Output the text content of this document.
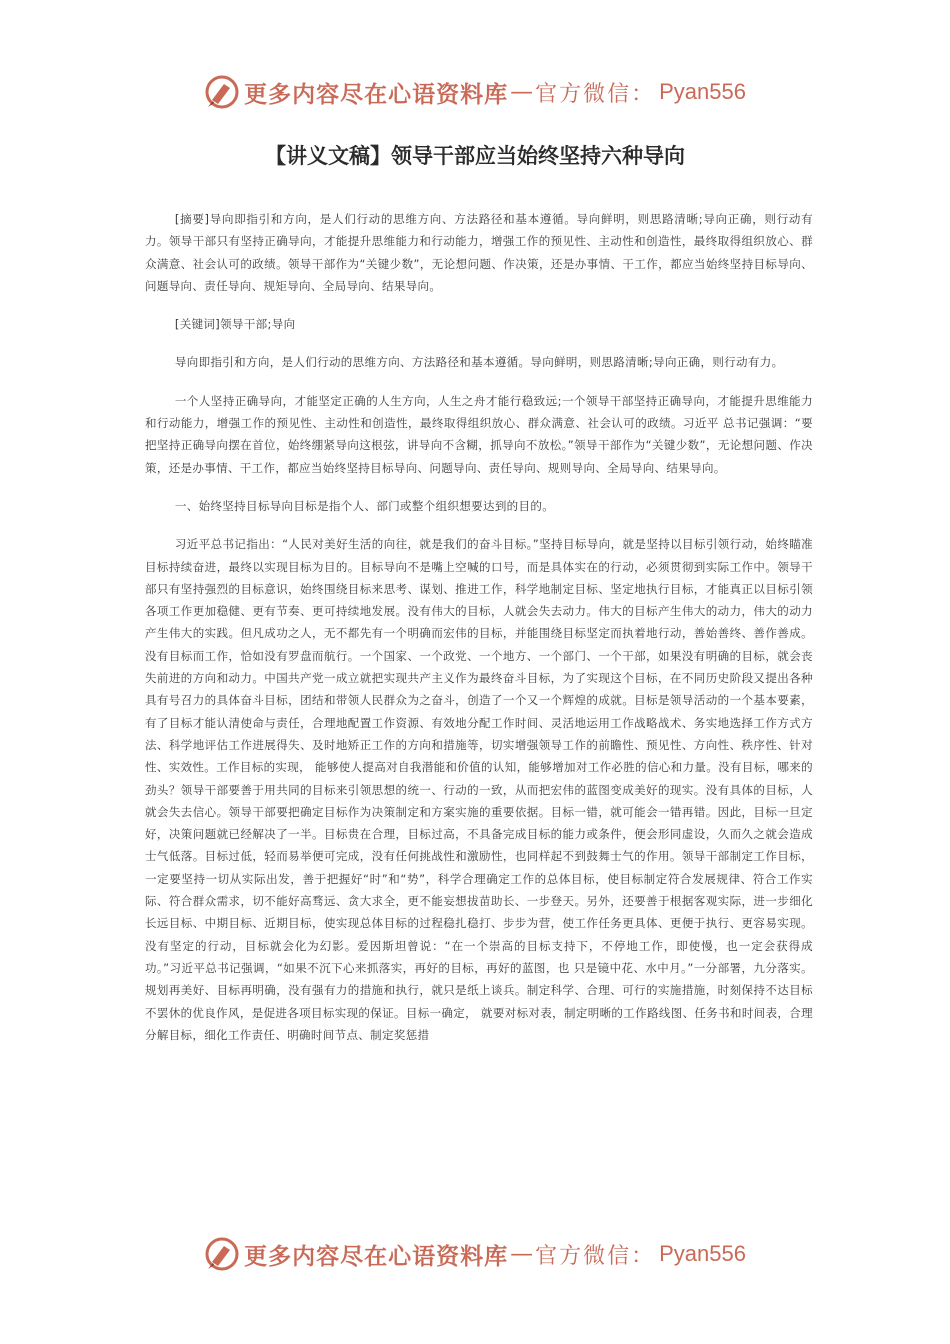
更多内容尽在心语资料库 — 官方微信： Pyan556
【讲义文稿】领导干部应当始终坚持六种导向

[摘要]导向即指引和方向，是人们行动的思维方向、方法路径和基本遵循。导向鲜明，则思路清晰;导向正确，则行动有力。领导干部只有坚持正确导向，才能提升思维能力和行动能力，增强工作的预见性、主动性和创造性，最终取得组织放心、群众满意、社会认可的政绩。领导干部作为“关键少数”，无论想问题、作决策，还是办事情、干工作，都应当始终坚持目标导向、问题导向、责任导向、规矩导向、全局导向、结果导向。

[关键词]领导干部;导向

导向即指引和方向，是人们行动的思维方向、方法路径和基本遵循。导向鲜明，则思路清晰;导向正确，则行动有力。

一个人坚持正确导向，才能坚定正确的人生方向，人生之舟才能行稳致远;一个领导干部坚持正确导向，才能提升思维能力和行动能力，增强工作的预见性、主动性和创造性，最终取得组织放心、群众满意、社会认可的政绩。习近平 总书记强调：“要把坚持正确导向摆在首位，始终绷紧导向这根弦，讲导向不含糊，抓导向不放松。”领导干部作为“关键少数”，无论想问题、作决策，还是办事情、干工作，都应当始终坚持目标导向、问题导向、责任导向、规则导向、全局导向、结果导向。

一、始终坚持目标导向目标是指个人、部门或整个组织想要达到的目的。

习近平总书记指出：“人民对美好生活的向往，就是我们的奋斗目标。”坚持目标导向，就是坚持以目标引领行动，始终瞄准目标持续奋进，最终以实现目标为目的。目标导向不是嘴上空喊的口号，而是具体实在的行动，必须贯彻到实际工作中。领导干部只有坚持强烈的目标意识，始终围绕目标来思考、谋划、推进工作，科学地制定目标、坚定地执行目标，才能真正以目标引领各项工作更加稳健、更有节奏、更可持续地发展。没有伟大的目标，人就会失去动力。伟大的目标产生伟大的动力，伟大的动力产生伟大的实践。但凡成功之人，无不都先有一个明确而宏伟的目标，并能围绕目标坚定而执着地行动，善始善终、善作善成。没有目标而工作，恰如没有罗盘而航行。一个国家、一个政党、一个地方、一个部门、一个干部，如果没有明确的目标，就会丧失前进的方向和动力。中国共产党一成立就把实现共产主义作为最终奋斗目标，为了实现这个目标，在不同历史阶段又提出各种具有号召力的具体奋斗目标，团结和带领人民群众为之奋斗，创造了一个又一个辉煌的成就。目标是领导活动的一个基本要素，有了目标才能认清使命与责任，合理地配置工作资源、有效地分配工作时间、灵活地运用工作战略战术、务实地选择工作方式方法、科学地评估工作进展得失、及时地矫正工作的方向和措施等，切实增强领导工作的前瞻性、预见性、方向性、秩序性、针对性、实效性。工作目标的实现， 能够使人提高对自我潜能和价值的认知，能够增加对工作必胜的信心和力量。没有目标，哪来的劲头？领导干部要善于用共同的目标来引领思想的统一、行动的一致，从而把宏伟的蓝图变成美好的现实。没有具体的目标，人就会失去信心。领导干部要把确定目标作为决策制定和方案实施的重要依据。目标一错，就可能会一错再错。因此，目标一旦定好，决策问题就已经解决了一半。目标贵在合理，目标过高，不具备完成目标的能力或条件，便会形同虚设，久而久之就会造成士气低落。目标过低，轻而易举便可完成，没有任何挑战性和激励性，也同样起不到鼓舞士气的作用。领导干部制定工作目标，一定要坚持一切从实际出发，善于把握好“时”和“势”，科学合理确定工作的总体目标，使目标制定符合发展规律、符合工作实际、符合群众需求，切不能好高骛远、贪大求全，更不能妄想拔苗助长、一步登天。另外，还要善于根据客观实际，进一步细化长远目标、中期目标、近期目标，使实现总体目标的过程稳扎稳打、步步为营，使工作任务更具体、更便于执行、更容易实现。没有坚定的行动，目标就会化为幻影。爱因斯坦曾说：“在一个崇高的目标支持下，不停地工作，即使慢，也一定会获得成功。”习近平总书记强调，“如果不沉下心来抓落实，再好的目标，再好的蓝图，也 只是镜中花、水中月。”一分部署，九分落实。规划再美好、目标再明确，没有强有力的措施和执行，就只是纸上谈兵。制定科学、合理、可行的实施措施，时刻保持不达目标不罢休的优良作风，是促进各项目标实现的保证。目标一确定， 就要对标对表，制定明晰的工作路线图、任务书和时间表，合理分解目标，细化工作责任、明确时间节点、制定奖惩措

更多内容尽在心语资料库 — 官方微信： Pyan556
